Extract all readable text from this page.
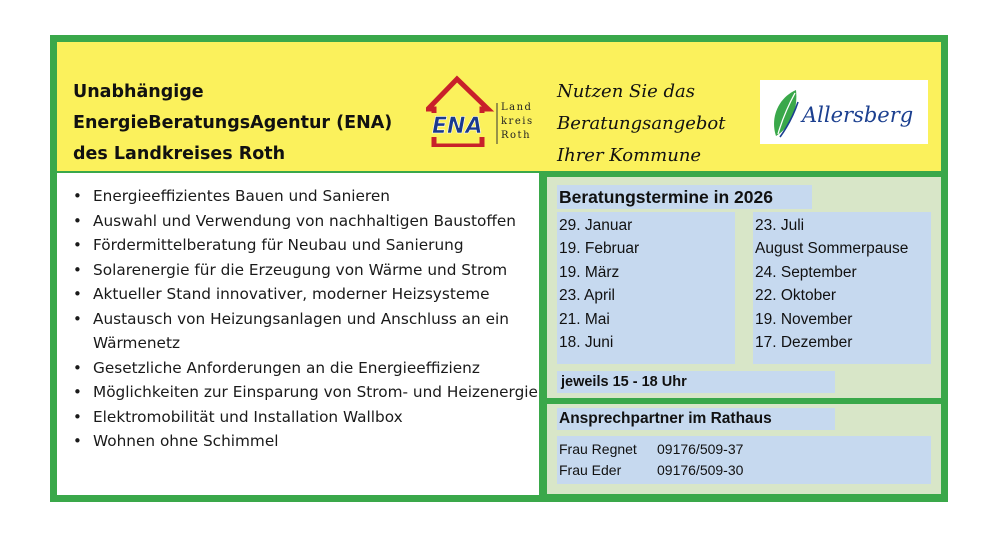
Unabhängige
EnergieBeratungsAgentur (ENA)
des Landkreises Roth
ENA
Land
kreis
Roth
Nutzen Sie das
Beratungsangebot
Ihrer Kommune
Allersberg
• Energieeffizientes Bauen und Sanieren
• Auswahl und Verwendung von nachhaltigen Baustoffen
• Fördermittelberatung für Neubau und Sanierung
• Solarenergie für die Erzeugung von Wärme und Strom
• Aktueller Stand innovativer, moderner Heizsysteme
• Austausch von Heizungsanlagen und Anschluss an ein Wärmenetz
• Gesetzliche Anforderungen an die Energieeffizienz
• Möglichkeiten zur Einsparung von Strom- und Heizenergie
• Elektromobilität und Installation Wallbox
• Wohnen ohne Schimmel
Beratungstermine in 2026
29. Januar
19. Februar
19. März
23. April
21. Mai
18. Juni
23. Juli
August Sommerpause
24. September
22. Oktober
19. November
17. Dezember
jeweils 15 - 18 Uhr
Ansprechpartner im Rathaus
Frau Regnet 09176/509-37
Frau Eder	09176/509-30
